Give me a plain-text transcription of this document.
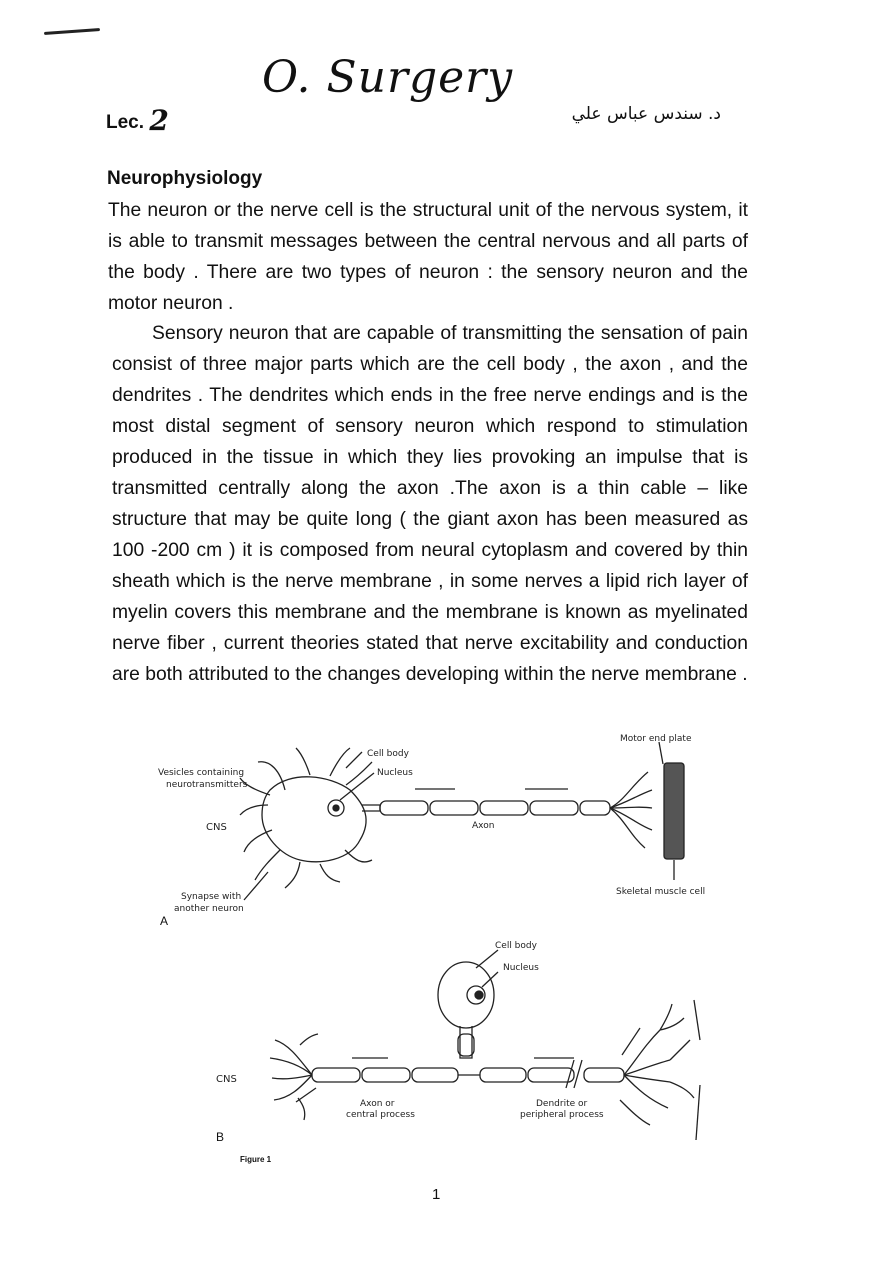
O. Surgery
Lec. 2	د. سندس عباس علي
Neurophysiology

The neuron or the nerve cell is the structural unit of the nervous system, it is able to transmit messages between the central nervous and all parts of the body . There are two types of neuron : the sensory neuron and the motor neuron .

Sensory neuron that are capable of transmitting the sensation of pain consist of three major parts which are the cell body , the axon , and the dendrites . The dendrites which ends in the free nerve endings and is the most distal segment of sensory neuron which respond to stimulation produced in the tissue in which they lies provoking an impulse that is transmitted centrally along the axon .The axon is a thin cable – like structure that may be quite long ( the giant axon has been measured as 100 -200 cm ) it is composed from neural cytoplasm and covered by thin sheath which is the nerve membrane , in some nerves a lipid rich layer of myelin covers this membrane and the membrane is known as myelinated nerve fiber , current theories stated that nerve excitability and conduction are both attributed to the changes developing within the nerve membrane .

Cell body
Nucleus
Vesicles containing
neurotransmitters
CNS	Axon
Synapse with
another neuron
Motor end plate
Skeletal muscle cell
Cell body
Nucleus
CNS
Axon or
central process
Dendrite or
peripheral process
A
B
Figure 1
1
